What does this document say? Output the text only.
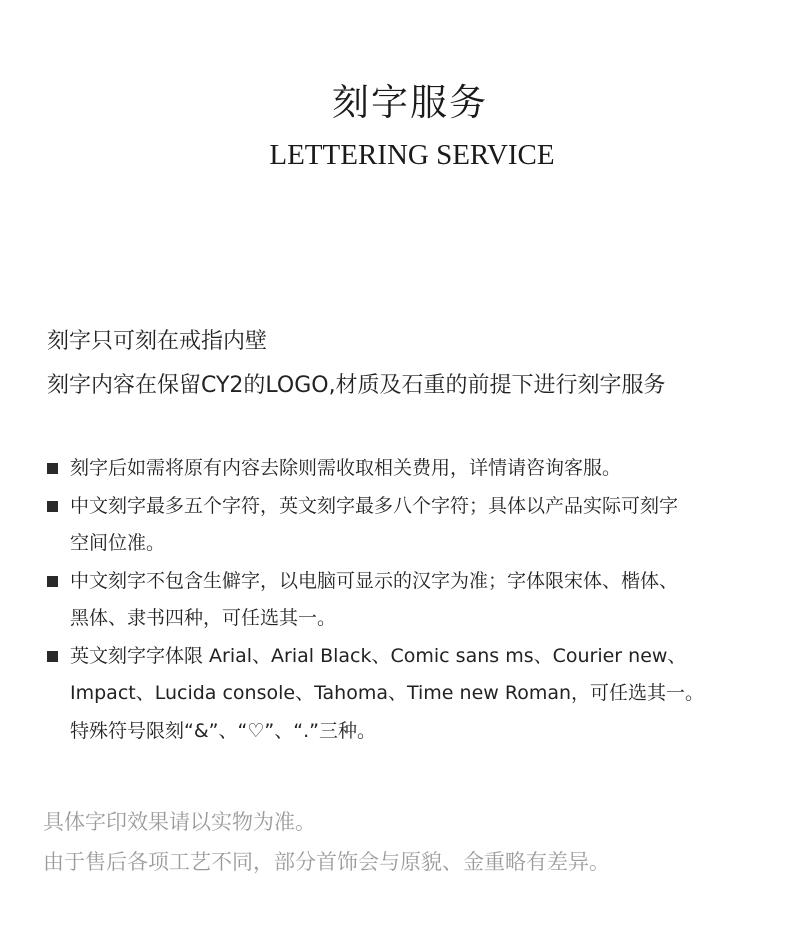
刻字服务
LETTERING SERVICE
刻字只可刻在戒指内壁
刻字内容在保留CY2的LOGO,材质及石重的前提下进行刻字服务
刻字后如需将原有内容去除则需收取相关费用，详情请咨询客服。
中文刻字最多五个字符，英文刻字最多八个字符；具体以产品实际可刻字
空间位准。
中文刻字不包含生僻字，以电脑可显示的汉字为准；字体限宋体、楷体、
黑体、隶书四种，可任选其一。
英文刻字字体限 Arial、Arial Black、Comic sans ms、Courier new、
Impact、Lucida console、Tahoma、Time new Roman，可任选其一。
特殊符号限刻“&”、“♡”、“.”三种。
具体字印效果请以实物为准。
由于售后各项工艺不同，部分首饰会与原貌、金重略有差异。
